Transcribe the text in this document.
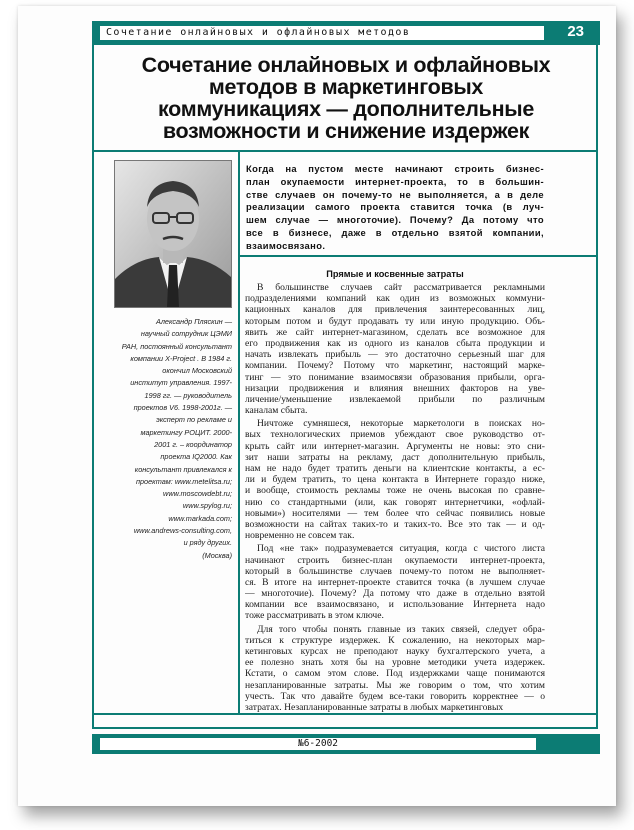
Сочетание онлайновых и офлайновых методов	23
Сочетание онлайновых и офлайновых
методов в маркетинговых
коммуникациях — дополнительные
возможности и снижение издержек
Александр Пляскин —
научный сотрудник ЦЭМИ
РАН, постоянный консультант
компании X-Project . В 1984 г.
окончил Московский
институт управления. 1997-
1998 гг. — руководитель
проектов V6. 1998-2001г. —
эксперт по рекламе и
маркетингу РОЦИТ. 2000-
2001 г. – координатор
проекта IQ2000. Как
консультант привлекался к
проектам: www.metelitsa.ru;
www.moscowdebt.ru;
www.spylog.ru;
www.markada.com;
www.andrews-consulting.com,
и ряду других.
(Москва)
Когда на пустом месте начинают строить бизнес-
план окупаемости интернет-проекта, то в большин-
стве случаев он почему-то не выполняется, а в деле
реализации самого проекта ставится точка (в луч-
шем случае — многоточие). Почему? Да потому что
все в бизнесе, даже в отдельно взятой компании,
взаимосвязано.
Прямые и косвенные затраты
В большинстве случаев сайт рассматривается рекламными
подразделениями компаний как один из возможных коммуни-
кационных каналов для привлечения заинтересованных лиц,
которым потом и будут продавать ту или иную продукцию. Объ-
явить же сайт интернет-магазином, сделать все возможное для
его продвижения как из одного из каналов сбыта продукции и
начать извлекать прибыль — это достаточно серьезный шаг для
компании. Почему? Потому что маркетинг, настоящий марке-
тинг — это понимание взаимосвязи образования прибыли, орга-
низации продвижения и влияния внешних факторов на уве-
личение/уменьшение извлекаемой прибыли по различным
каналам сбыта.
Ничтоже сумняшеся, некоторые маркетологи в поисках но-
вых технологических приемов убеждают свое руководство от-
крыть сайт или интернет-магазин. Аргументы не новы: это сни-
зит наши затраты на рекламу, даст дополнительную прибыль,
нам не надо будет тратить деньги на клиентские контакты, а ес-
ли и будем тратить, то цена контакта в Интернете гораздо ниже,
и вообще, стоимость рекламы тоже не очень высокая по сравне-
нию со стандартными (или, как говорят интернетчики, «офлай-
новыми») носителями — тем более что сейчас появились новые
возможности на сайтах таких-то и таких-то. Все это так — и од-
новременно не совсем так.
Под «не так» подразумевается ситуация, когда с чистого листа
начинают строить бизнес-план окупаемости интернет-проекта,
который в большинстве случаев почему-то потом не выполняет-
ся. В итоге на интернет-проекте ставится точка (в лучшем случае
— многоточие). Почему? Да потому что даже в отдельно взятой
компании все взаимосвязано, и использование Интернета надо
тоже рассматривать в этом ключе.
Для того чтобы понять главные из таких связей, следует обра-
титься к структуре издержек. К сожалению, на некоторых мар-
кетинговых курсах не преподают науку бухгалтерского учета, а
ее полезно знать хотя бы на уровне методики учета издержек.
Кстати, о самом этом слове. Под издержками чаще понимаются
незапланированные затраты. Мы же говорим о том, что хотим
учесть. Так что давайте будем все-таки говорить корректнее — о
затратах. Незапланированные затраты в любых маркетинговых
№6-2002
